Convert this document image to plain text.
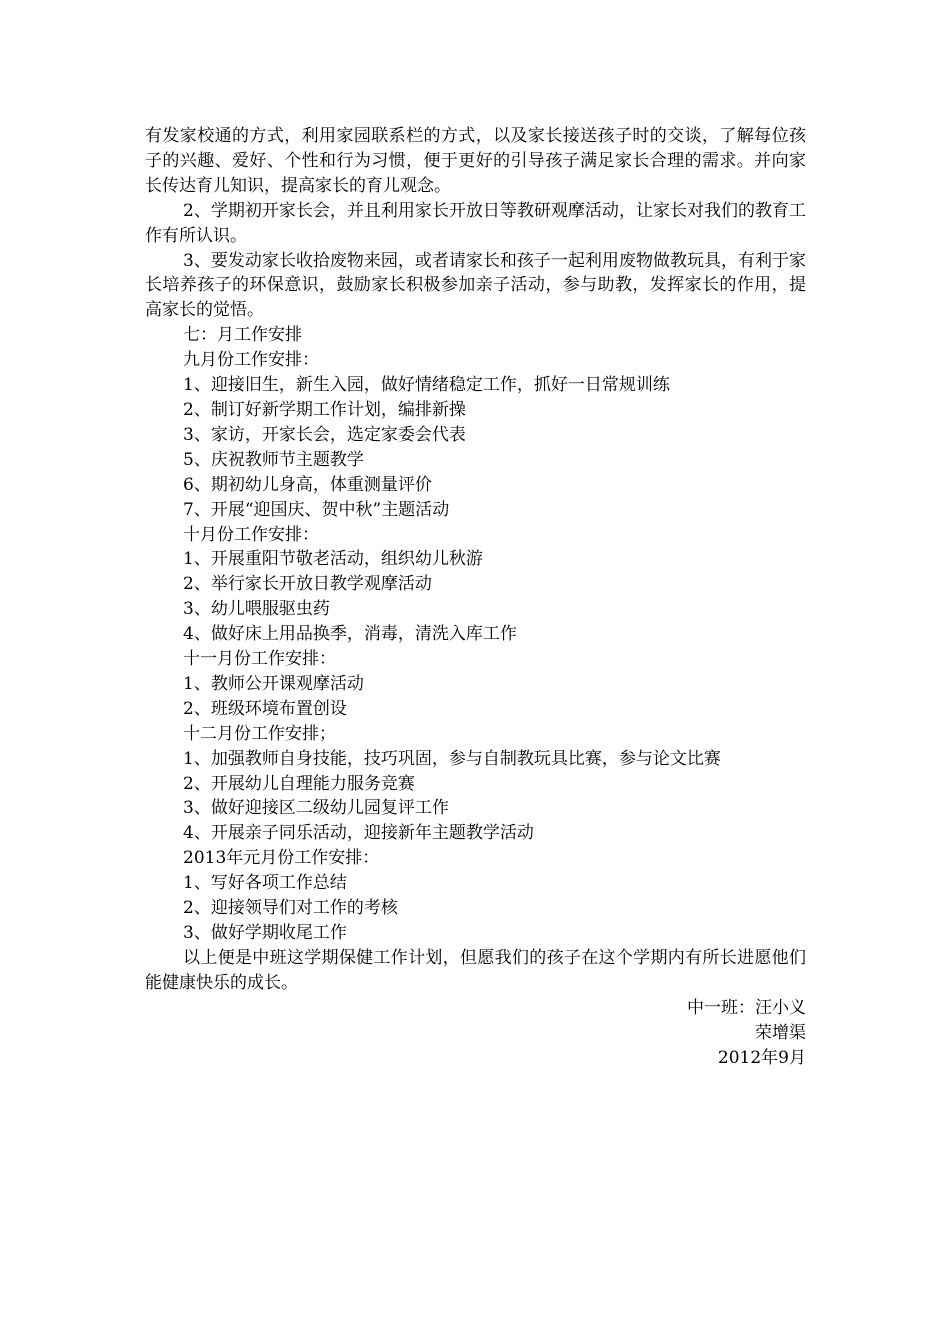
有发家校通的方式，利用家园联系栏的方式，以及家长接送孩子时的交谈，了解每位孩子的兴趣、爱好、个性和行为习惯，便于更好的引导孩子满足家长合理的需求。并向家长传达育儿知识，提高家长的育儿观念。

2、学期初开家长会，并且利用家长开放日等教研观摩活动，让家长对我们的教育工作有所认识。

3、要发动家长收拾废物来园，或者请家长和孩子一起利用废物做教玩具，有利于家长培养孩子的环保意识，鼓励家长积极参加亲子活动，参与助教，发挥家长的作用，提高家长的觉悟。

七：月工作安排

九月份工作安排：

1、迎接旧生，新生入园，做好情绪稳定工作，抓好一日常规训练

2、制订好新学期工作计划，编排新操

3、家访，开家长会，选定家委会代表

5、庆祝教师节主题教学

6、期初幼儿身高，体重测量评价

7、开展“迎国庆、贺中秋”主题活动

十月份工作安排：

1、开展重阳节敬老活动，组织幼儿秋游

2、举行家长开放日教学观摩活动

3、幼儿喂服驱虫药

4、做好床上用品换季，消毒，清洗入库工作

十一月份工作安排：

1、教师公开课观摩活动

2、班级环境布置创设

十二月份工作安排；

1、加强教师自身技能，技巧巩固，参与自制教玩具比赛，参与论文比赛

2、开展幼儿自理能力服务竞赛

3、做好迎接区二级幼儿园复评工作

4、开展亲子同乐活动，迎接新年主题教学活动

2013年元月份工作安排：

1、写好各项工作总结

2、迎接领导们对工作的考核

3、做好学期收尾工作

以上便是中班这学期保健工作计划，但愿我们的孩子在这个学期内有所长进愿他们能健康快乐的成长。

中一班：汪小义

荣增渠

2012年9月
